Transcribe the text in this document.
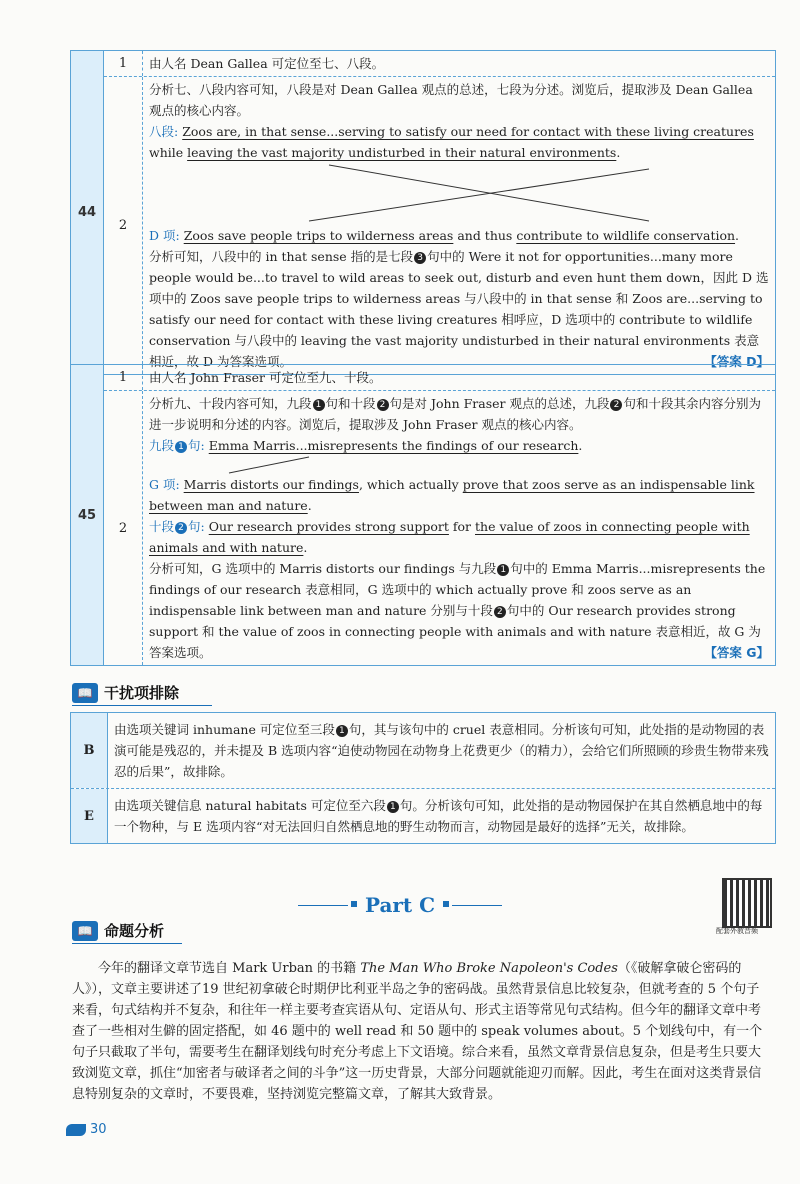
44
1	由人名 Dean Gallea 可定位至七、八段。
2
分析七、八段内容可知，八段是对 Dean Gallea 观点的总述，七段为分述。浏览后，提取涉及 Dean Gallea 观点的核心内容。
八段: Zoos are, in that sense...serving to satisfy our need for contact with these living creatures while leaving the vast majority undisturbed in their natural environments.
D 项: Zoos save people trips to wilderness areas and thus contribute to wildlife conservation.
分析可知，八段中的 in that sense 指的是七段 3 句中的 Were it not for opportunities...many more people would be...to travel to wild areas to seek out, disturb and even hunt them down，因此 D 选项中的 Zoos save people trips to wilderness areas 与八段中的 in that sense 和 Zoos are...serving to satisfy our need for contact with these living creatures 相呼应，D 选项中的 contribute to wildlife conservation 与八段中的 leaving the vast majority undisturbed in their natural environments 表意相近，故 D 为答案选项。	【答案 D】
45
1	由人名 John Fraser 可定位至九、十段。
2
分析九、十段内容可知，九段 1 句和十段 2 句是对 John Fraser 观点的总述，九段 2 句和十段其余内容分别为进一步说明和分述的内容。浏览后，提取涉及 John Fraser 观点的核心内容。
九段 1 句: Emma Marris...misrepresents the findings of our research.
G 项: Marris distorts our findings, which actually prove that zoos serve as an indispensable link between man and nature.
十段 2 句: Our research provides strong support for the value of zoos in connecting people with animals and with nature.
分析可知，G 选项中的 Marris distorts our findings 与九段 1 句中的 Emma Marris...misrepresents the findings of our research 表意相同，G 选项中的 which actually prove 和 zoos serve as an indispensable link between man and nature 分别与十段 2 句中的 Our research provides strong support 和 the value of zoos in connecting people with animals and with nature 表意相近，故 G 为答案选项。	【答案 G】
📖 干扰项排除
B
由选项关键词 inhumane 可定位至三段 1 句，其与该句中的 cruel 表意相同。分析该句可知，此处指的是动物园的表演可能是残忍的，并未提及 B 选项内容“迫使动物园在动物身上花费更少（的精力），会给它们所照顾的珍贵生物带来残忍的后果”，故排除。
E
由选项关键信息 natural habitats 可定位至六段 1 句。分析该句可知，此处指的是动物园保护在其自然栖息地中的每一个物种，与 E 选项内容“对无法回归自然栖息地的野生动物而言，动物园是最好的选择”无关，故排除。
Part C
配套外教音频
📖 命题分析
今年的翻译文章节选自 Mark Urban 的书籍 The Man Who Broke Napoleon's Codes（《破解拿破仑密码的人》），文章主要讲述了19 世纪初拿破仑时期伊比利亚半岛之争的密码战。虽然背景信息比较复杂，但就考查的 5 个句子来看，句式结构并不复杂，和往年一样主要考查宾语从句、定语从句、形式主语等常见句式结构。但今年的翻译文章中考查了一些相对生僻的固定搭配，如 46 题中的 well read 和 50 题中的 speak volumes about。5 个划线句中，有一个句子只截取了半句，需要考生在翻译划线句时充分考虑上下文语境。综合来看，虽然文章背景信息复杂，但是考生只要大致浏览文章，抓住“加密者与破译者之间的斗争”这一历史背景，大部分问题就能迎刃而解。因此，考生在面对这类背景信息特别复杂的文章时，不要畏难，坚持浏览完整篇文章，了解其大致背景。
30
